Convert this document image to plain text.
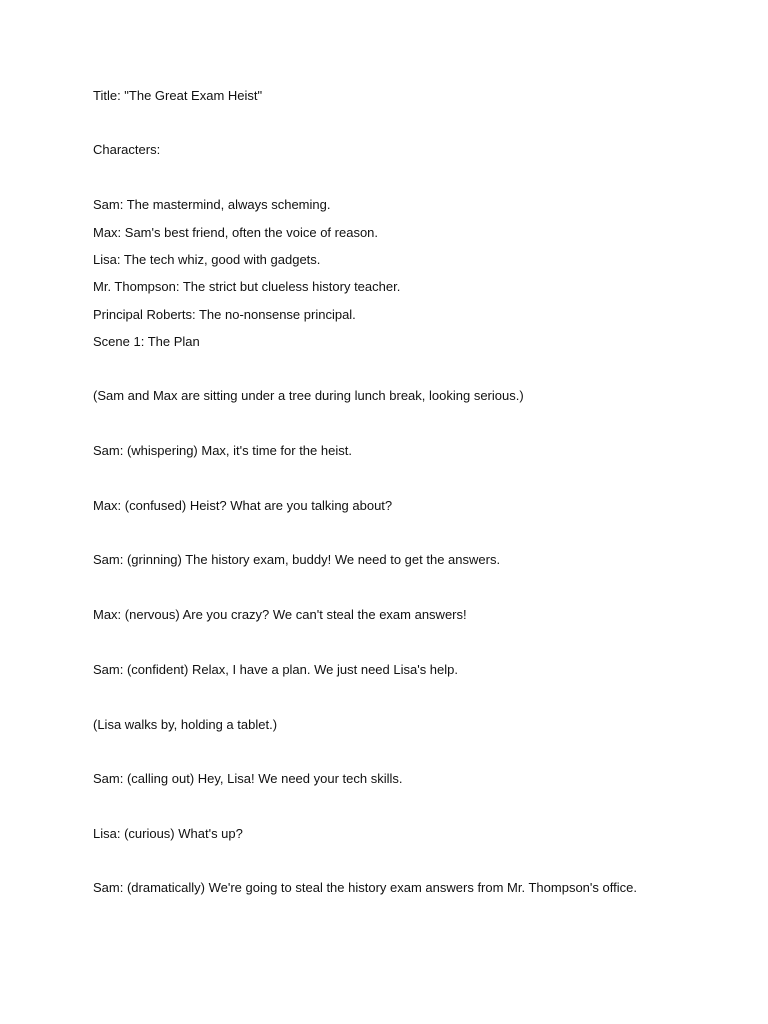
Title: "The Great Exam Heist"

Characters:

Sam: The mastermind, always scheming.

Max: Sam's best friend, often the voice of reason.

Lisa: The tech whiz, good with gadgets.

Mr. Thompson: The strict but clueless history teacher.

Principal Roberts: The no-nonsense principal.

Scene 1: The Plan

(Sam and Max are sitting under a tree during lunch break, looking serious.)

Sam: (whispering) Max, it's time for the heist.

Max: (confused) Heist? What are you talking about?

Sam: (grinning) The history exam, buddy! We need to get the answers.

Max: (nervous) Are you crazy? We can't steal the exam answers!

Sam: (confident) Relax, I have a plan. We just need Lisa's help.

(Lisa walks by, holding a tablet.)

Sam: (calling out) Hey, Lisa! We need your tech skills.

Lisa: (curious) What's up?

Sam: (dramatically) We're going to steal the history exam answers from Mr. Thompson's office.
